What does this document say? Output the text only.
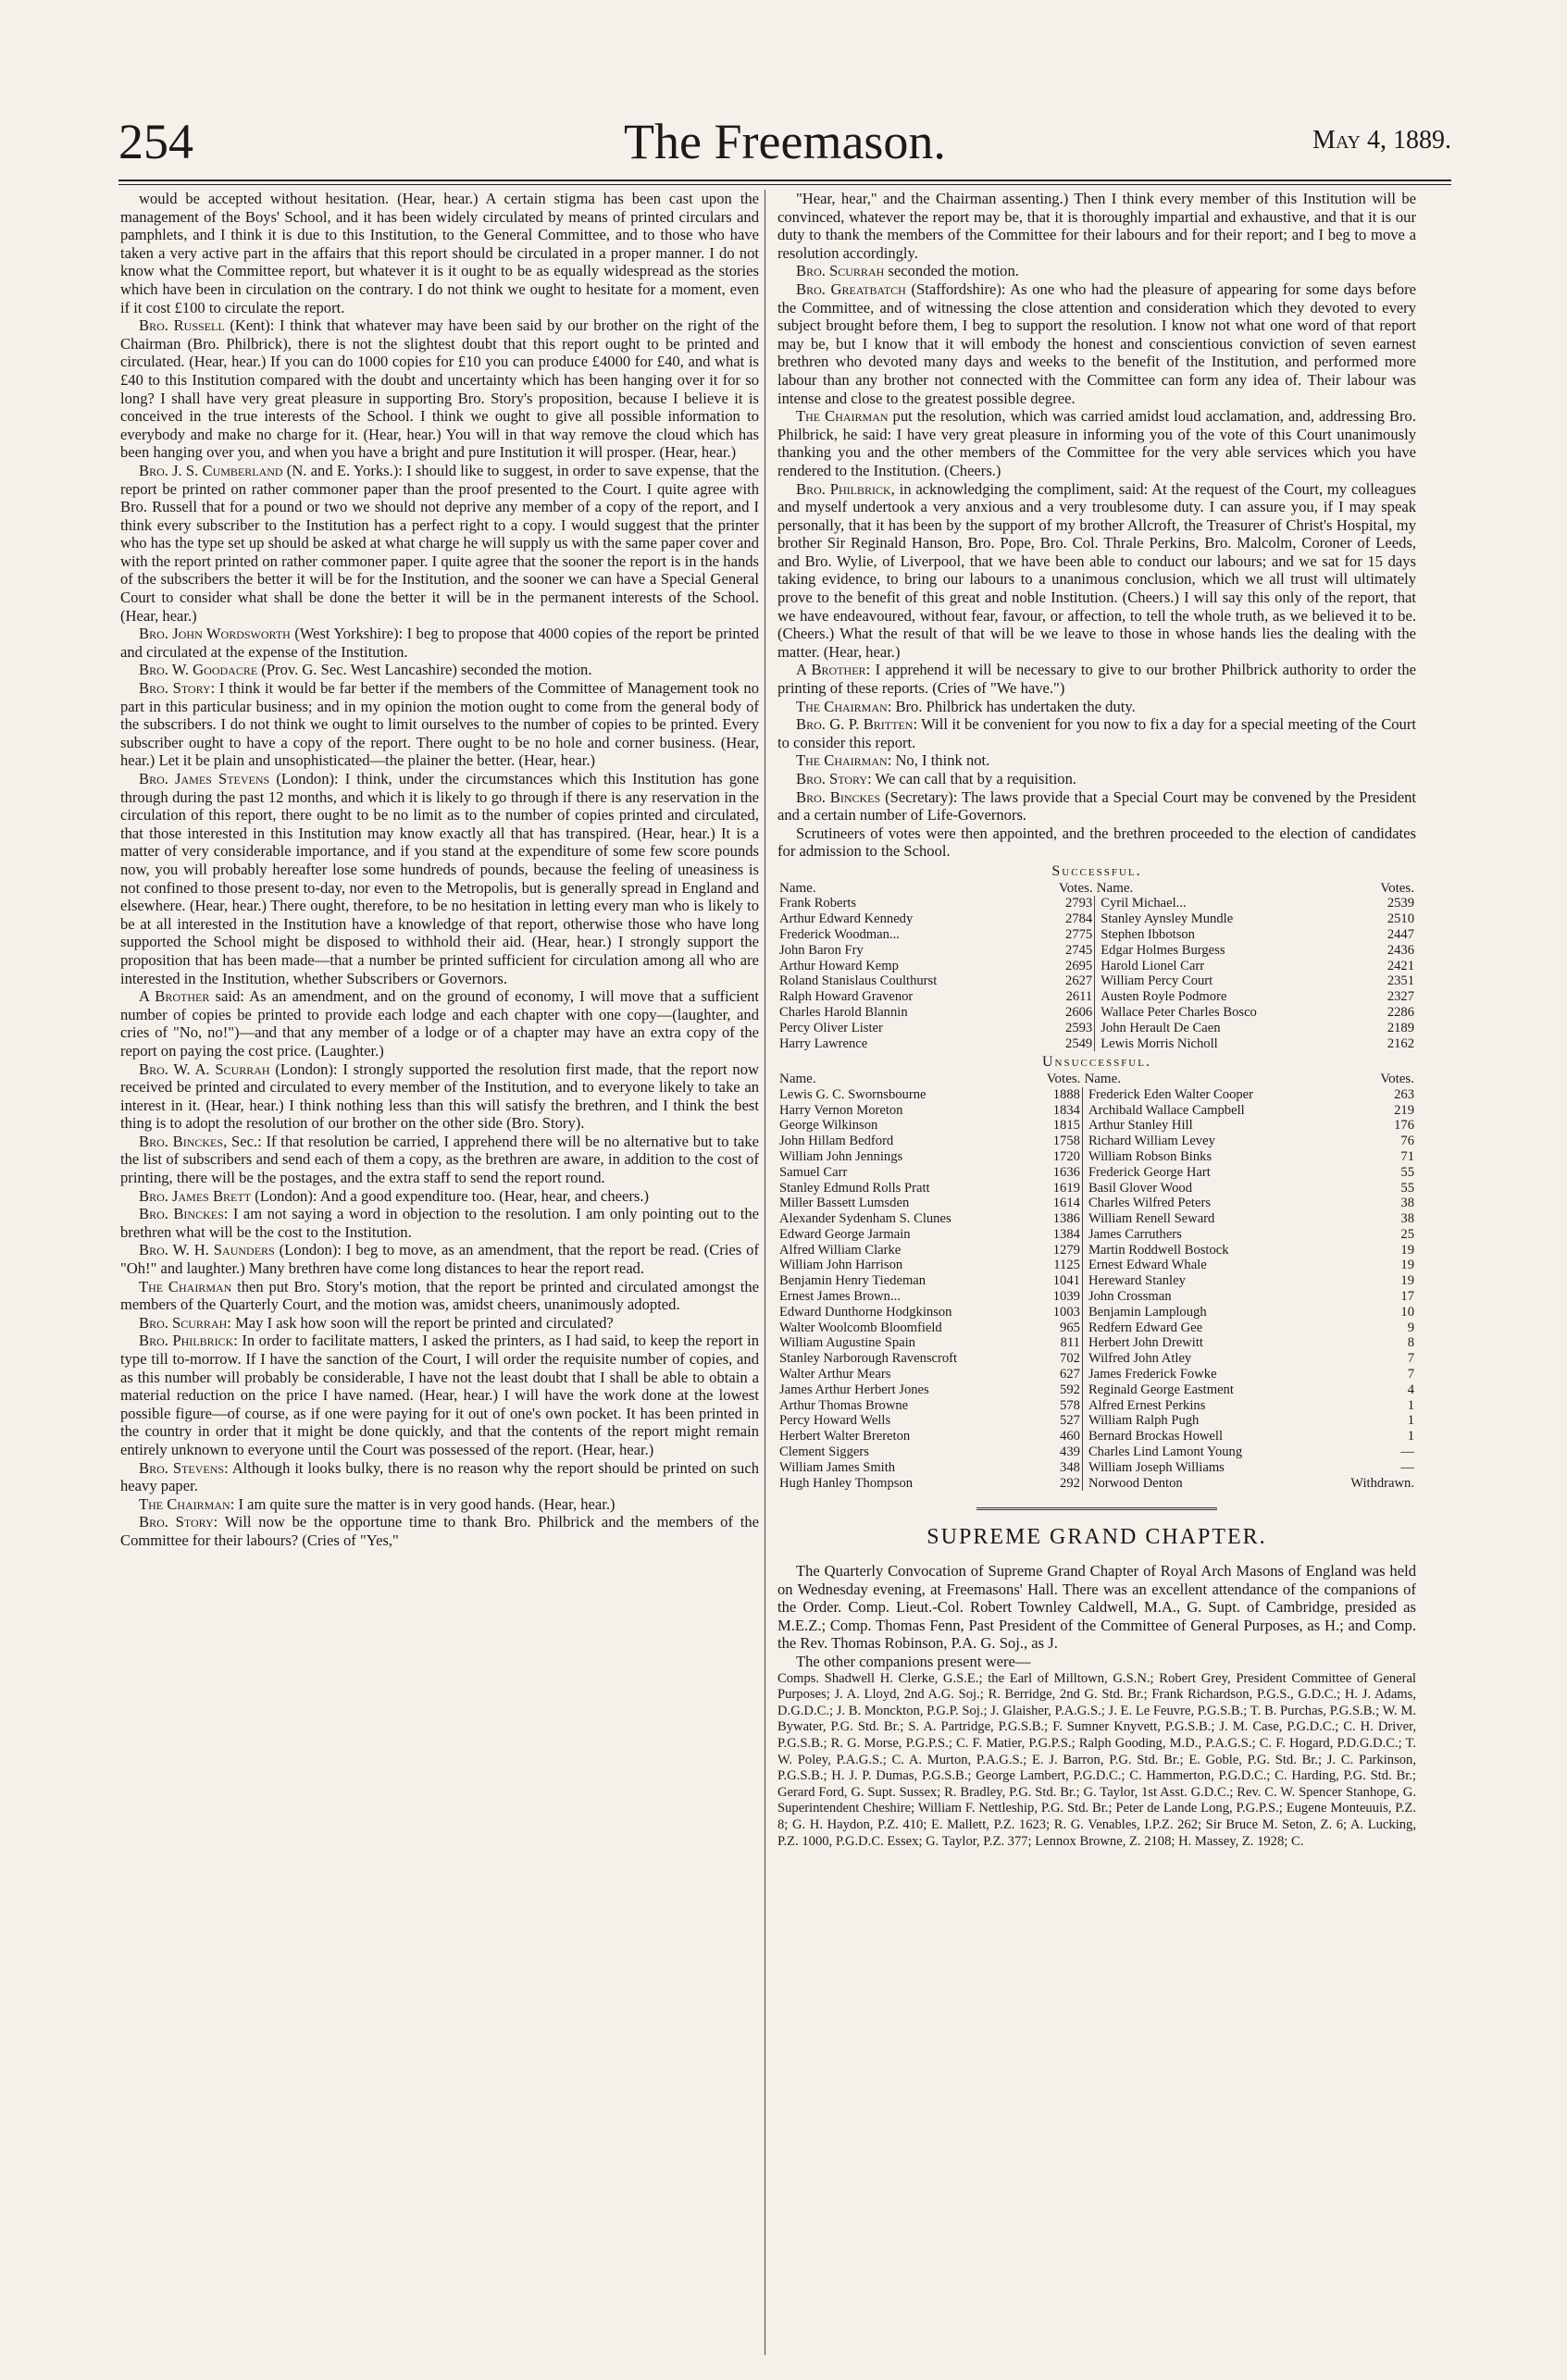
254	The Freemason.	May 4, 1889.

would be accepted without hesitation. (Hear, hear.) A certain stigma has been cast upon the management of the Boys' School, and it has been widely circulated by means of printed circulars and pamphlets, and I think it is due to this Institution, to the General Committee, and to those who have taken a very active part in the affairs that this report should be circulated in a proper manner. I do not know what the Committee report, but whatever it is it ought to be as equally widespread as the stories which have been in circulation on the contrary. I do not think we ought to hesitate for a moment, even if it cost £100 to circulate the report.

Bro. Russell (Kent): I think that whatever may have been said by our brother on the right of the Chairman (Bro. Philbrick), there is not the slightest doubt that this report ought to be printed and circulated. (Hear, hear.) If you can do 1000 copies for £10 you can produce £4000 for £40, and what is £40 to this Institution compared with the doubt and uncertainty which has been hanging over it for so long? I shall have very great pleasure in supporting Bro. Story's proposition, because I believe it is conceived in the true interests of the School. I think we ought to give all possible information to everybody and make no charge for it. (Hear, hear.) You will in that way remove the cloud which has been hanging over you, and when you have a bright and pure Institution it will prosper. (Hear, hear.)

Bro. J. S. Cumberland (N. and E. Yorks.): I should like to suggest, in order to save expense, that the report be printed on rather commoner paper than the proof presented to the Court. I quite agree with Bro. Russell that for a pound or two we should not deprive any member of a copy of the report, and I think every subscriber to the Institution has a perfect right to a copy. I would suggest that the printer who has the type set up should be asked at what charge he will supply us with the same paper cover and with the report printed on rather commoner paper. I quite agree that the sooner the report is in the hands of the subscribers the better it will be for the Institution, and the sooner we can have a Special General Court to consider what shall be done the better it will be in the permanent interests of the School. (Hear, hear.)

Bro. John Wordsworth (West Yorkshire): I beg to propose that 4000 copies of the report be printed and circulated at the expense of the Institution.

Bro. W. Goodacre (Prov. G. Sec. West Lancashire) seconded the motion.

Bro. Story: I think it would be far better if the members of the Committee of Management took no part in this particular business; and in my opinion the motion ought to come from the general body of the subscribers. I do not think we ought to limit ourselves to the number of copies to be printed. Every subscriber ought to have a copy of the report. There ought to be no hole and corner business. (Hear, hear.) Let it be plain and unsophisticated—the plainer the better. (Hear, hear.)

Bro. James Stevens (London): I think, under the circumstances which this Institution has gone through during the past 12 months, and which it is likely to go through if there is any reservation in the circulation of this report, there ought to be no limit as to the number of copies printed and circulated, that those interested in this Institution may know exactly all that has transpired. (Hear, hear.) It is a matter of very considerable importance, and if you stand at the expenditure of some few score pounds now, you will probably hereafter lose some hundreds of pounds, because the feeling of uneasiness is not confined to those present to-day, nor even to the Metropolis, but is generally spread in England and elsewhere. (Hear, hear.) There ought, therefore, to be no hesitation in letting every man who is likely to be at all interested in the Institution have a knowledge of that report, otherwise those who have long supported the School might be disposed to withhold their aid. (Hear, hear.) I strongly support the proposition that has been made—that a number be printed sufficient for circulation among all who are interested in the Institution, whether Subscribers or Governors.

A Brother said: As an amendment, and on the ground of economy, I will move that a sufficient number of copies be printed to provide each lodge and each chapter with one copy—(laughter, and cries of "No, no!")—and that any member of a lodge or of a chapter may have an extra copy of the report on paying the cost price. (Laughter.)

Bro. W. A. Scurrah (London): I strongly supported the resolution first made, that the report now received be printed and circulated to every member of the Institution, and to everyone likely to take an interest in it. (Hear, hear.) I think nothing less than this will satisfy the brethren, and I think the best thing is to adopt the resolution of our brother on the other side (Bro. Story).

Bro. Binckes, Sec.: If that resolution be carried, I apprehend there will be no alternative but to take the list of subscribers and send each of them a copy, as the brethren are aware, in addition to the cost of printing, there will be the postages, and the extra staff to send the report round.

Bro. James Brett (London): And a good expenditure too. (Hear, hear, and cheers.)

Bro. Binckes: I am not saying a word in objection to the resolution. I am only pointing out to the brethren what will be the cost to the Institution.

Bro. W. H. Saunders (London): I beg to move, as an amendment, that the report be read. (Cries of "Oh!" and laughter.) Many brethren have come long distances to hear the report read.

The Chairman then put Bro. Story's motion, that the report be printed and circulated amongst the members of the Quarterly Court, and the motion was, amidst cheers, unanimously adopted.

Bro. Scurrah: May I ask how soon will the report be printed and circulated?

Bro. Philbrick: In order to facilitate matters, I asked the printers, as I had said, to keep the report in type till to-morrow. If I have the sanction of the Court, I will order the requisite number of copies, and as this number will probably be considerable, I have not the least doubt that I shall be able to obtain a material reduction on the price I have named. (Hear, hear.) I will have the work done at the lowest possible figure—of course, as if one were paying for it out of one's own pocket. It has been printed in the country in order that it might be done quickly, and that the contents of the report might remain entirely unknown to everyone until the Court was possessed of the report. (Hear, hear.)

Bro. Stevens: Although it looks bulky, there is no reason why the report should be printed on such heavy paper.

The Chairman: I am quite sure the matter is in very good hands. (Hear, hear.)

Bro. Story: Will now be the opportune time to thank Bro. Philbrick and the members of the Committee for their labours? (Cries of "Yes,"

"Hear, hear," and the Chairman assenting.) Then I think every member of this Institution will be convinced, whatever the report may be, that it is thoroughly impartial and exhaustive, and that it is our duty to thank the members of the Committee for their labours and for their report; and I beg to move a resolution accordingly.

Bro. Scurrah seconded the motion.

Bro. Greatbatch (Staffordshire): As one who had the pleasure of appearing for some days before the Committee, and of witnessing the close attention and consideration which they devoted to every subject brought before them, I beg to support the resolution. I know not what one word of that report may be, but I know that it will embody the honest and conscientious conviction of seven earnest brethren who devoted many days and weeks to the benefit of the Institution, and performed more labour than any brother not connected with the Committee can form any idea of. Their labour was intense and close to the greatest possible degree.

The Chairman put the resolution, which was carried amidst loud acclamation, and, addressing Bro. Philbrick, he said: I have very great pleasure in informing you of the vote of this Court unanimously thanking you and the other members of the Committee for the very able services which you have rendered to the Institution. (Cheers.)

Bro. Philbrick, in acknowledging the compliment, said: At the request of the Court, my colleagues and myself undertook a very anxious and a very troublesome duty. I can assure you, if I may speak personally, that it has been by the support of my brother Allcroft, the Treasurer of Christ's Hospital, my brother Sir Reginald Hanson, Bro. Pope, Bro. Col. Thrale Perkins, Bro. Malcolm, Coroner of Leeds, and Bro. Wylie, of Liverpool, that we have been able to conduct our labours; and we sat for 15 days taking evidence, to bring our labours to a unanimous conclusion, which we all trust will ultimately prove to the benefit of this great and noble Institution. (Cheers.) I will say this only of the report, that we have endeavoured, without fear, favour, or affection, to tell the whole truth, as we believed it to be. (Cheers.) What the result of that will be we leave to those in whose hands lies the dealing with the matter. (Hear, hear.)

A Brother: I apprehend it will be necessary to give to our brother Philbrick authority to order the printing of these reports. (Cries of "We have.")

The Chairman: Bro. Philbrick has undertaken the duty.

Bro. G. P. Britten: Will it be convenient for you now to fix a day for a special meeting of the Court to consider this report.

The Chairman: No, I think not.

Bro. Story: We can call that by a requisition.

Bro. Binckes (Secretary): The laws provide that a Special Court may be convened by the President and a certain number of Life-Governors.

Scrutineers of votes were then appointed, and the brethren proceeded to the election of candidates for admission to the School.

Successful.
Name.	Votes.	Name.	Votes.
Frank Roberts	2793	Cyril Michael...	2539
Arthur Edward Kennedy	2784	Stanley Aynsley Mundle	2510
Frederick Woodman...	2775	Stephen Ibbotson	2447
John Baron Fry	2745	Edgar Holmes Burgess	2436
Arthur Howard Kemp	2695	Harold Lionel Carr	2421
Roland Stanislaus Coulthurst	2627	William Percy Court	2351
Ralph Howard Gravenor	2611	Austen Royle Podmore	2327
Charles Harold Blannin	2606	Wallace Peter Charles Bosco	2286
Percy Oliver Lister	2593	John Herault De Caen	2189
Harry Lawrence	2549	Lewis Morris Nicholl	2162
Unsuccessful.
Name.	Votes.	Name.	Votes.
Lewis G. C. Swornsbourne	1888	Frederick Eden Walter Cooper	263
Harry Vernon Moreton	1834	Archibald Wallace Campbell	219
George Wilkinson	1815	Arthur Stanley Hill	176
John Hillam Bedford	1758	Richard William Levey	76
William John Jennings	1720	William Robson Binks	71
Samuel Carr	1636	Frederick George Hart	55
Stanley Edmund Rolls Pratt	1619	Basil Glover Wood	55
Miller Bassett Lumsden	1614	Charles Wilfred Peters	38
Alexander Sydenham S. Clunes	1386	William Renell Seward	38
Edward George Jarmain	1384	James Carruthers	25
Alfred William Clarke	1279	Martin Roddwell Bostock	19
William John Harrison	1125	Ernest Edward Whale	19
Benjamin Henry Tiedeman	1041	Hereward Stanley	19
Ernest James Brown...	1039	John Crossman	17
Edward Dunthorne Hodgkinson	1003	Benjamin Lamplough	10
Walter Woolcomb Bloomfield	965	Redfern Edward Gee	9
William Augustine Spain	811	Herbert John Drewitt	8
Stanley Narborough Ravenscroft	702	Wilfred John Atley	7
Walter Arthur Mears	627	James Frederick Fowke	7
James Arthur Herbert Jones	592	Reginald George Eastment	4
Arthur Thomas Browne	578	Alfred Ernest Perkins	1
Percy Howard Wells	527	William Ralph Pugh	1
Herbert Walter Brereton	460	Bernard Brockas Howell	1
Clement Siggers	439	Charles Lind Lamont Young	—
William James Smith	348	William Joseph Williams	—
Hugh Hanley Thompson	292	Norwood Denton	Withdrawn.
SUPREME GRAND CHAPTER.

The Quarterly Convocation of Supreme Grand Chapter of Royal Arch Masons of England was held on Wednesday evening, at Freemasons' Hall. There was an excellent attendance of the companions of the Order. Comp. Lieut.-Col. Robert Townley Caldwell, M.A., G. Supt. of Cambridge, presided as M.E.Z.; Comp. Thomas Fenn, Past President of the Committee of General Purposes, as H.; and Comp. the Rev. Thomas Robinson, P.A. G. Soj., as J.

The other companions present were—

Comps. Shadwell H. Clerke, G.S.E.; the Earl of Milltown, G.S.N.; Robert Grey, President Committee of General Purposes; J. A. Lloyd, 2nd A.G. Soj.; R. Berridge, 2nd G. Std. Br.; Frank Richardson, P.G.S., G.D.C.; H. J. Adams, D.G.D.C.; J. B. Monckton, P.G.P. Soj.; J. Glaisher, P.A.G.S.; J. E. Le Feuvre, P.G.S.B.; T. B. Purchas, P.G.S.B.; W. M. Bywater, P.G. Std. Br.; S. A. Partridge, P.G.S.B.; F. Sumner Knyvett, P.G.S.B.; J. M. Case, P.G.D.C.; C. H. Driver, P.G.S.B.; R. G. Morse, P.G.P.S.; C. F. Matier, P.G.P.S.; Ralph Gooding, M.D., P.A.G.S.; C. F. Hogard, P.D.G.D.C.; T. W. Poley, P.A.G.S.; C. A. Murton, P.A.G.S.; E. J. Barron, P.G. Std. Br.; E. Goble, P.G. Std. Br.; J. C. Parkinson, P.G.S.B.; H. J. P. Dumas, P.G.S.B.; George Lambert, P.G.D.C.; C. Hammerton, P.G.D.C.; C. Harding, P.G. Std. Br.; Gerard Ford, G. Supt. Sussex; R. Bradley, P.G. Std. Br.; G. Taylor, 1st Asst. G.D.C.; Rev. C. W. Spencer Stanhope, G. Superintendent Cheshire; William F. Nettleship, P.G. Std. Br.; Peter de Lande Long, P.G.P.S.; Eugene Monteuuis, P.Z. 8; G. H. Haydon, P.Z. 410; E. Mallett, P.Z. 1623; R. G. Venables, I.P.Z. 262; Sir Bruce M. Seton, Z. 6; A. Lucking, P.Z. 1000, P.G.D.C. Essex; G. Taylor, P.Z. 377; Lennox Browne, Z. 2108; H. Massey, Z. 1928; C.
